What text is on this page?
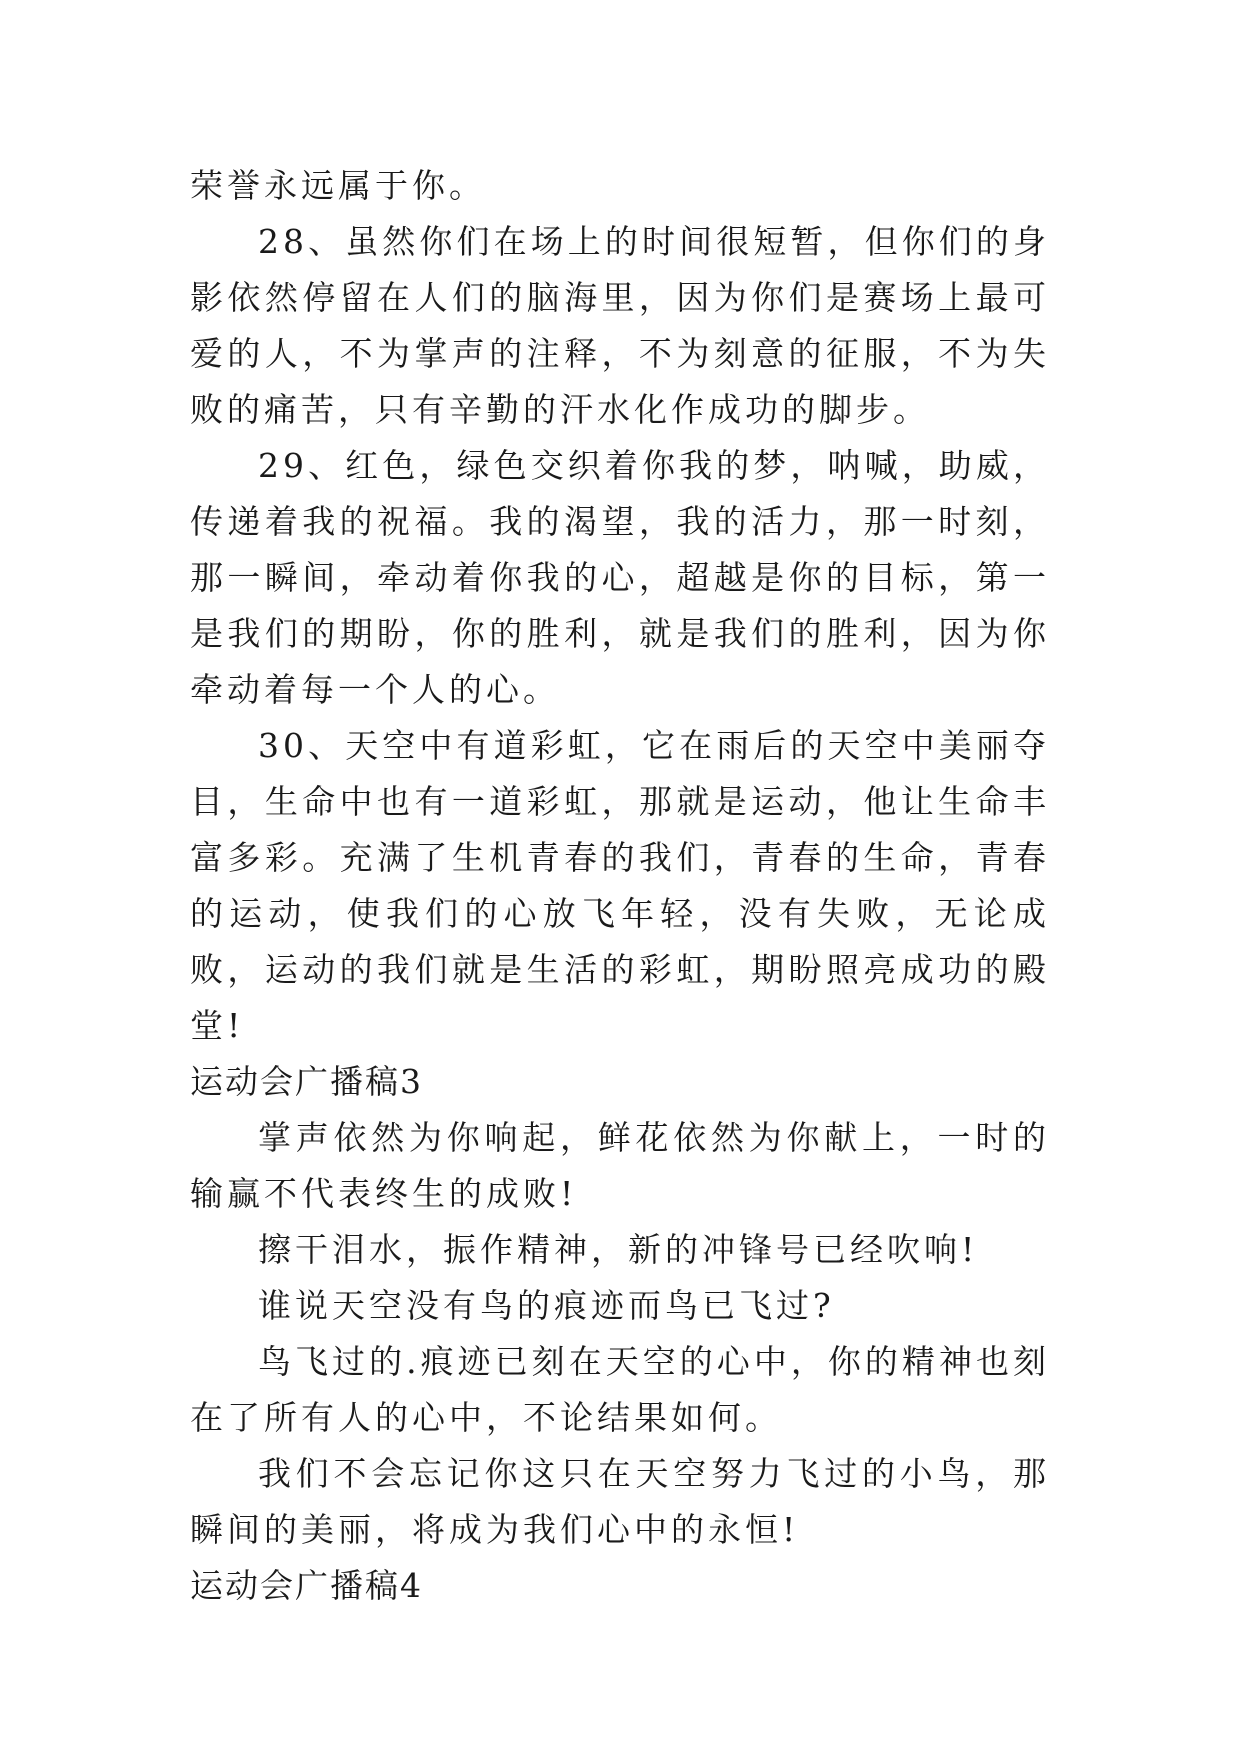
荣誉永远属于你。

28、虽然你们在场上的时间很短暂，但你们的身影依然停留在人们的脑海里，因为你们是赛场上最可爱的人，不为掌声的注释，不为刻意的征服，不为失败的痛苦，只有辛勤的汗水化作成功的脚步。

29、红色，绿色交织着你我的梦，呐喊，助威，传递着我的祝福。我的渴望，我的活力，那一时刻，那一瞬间，牵动着你我的心，超越是你的目标，第一是我们的期盼，你的胜利，就是我们的胜利，因为你牵动着每一个人的心。

30、天空中有道彩虹，它在雨后的天空中美丽夺目，生命中也有一道彩虹，那就是运动，他让生命丰富多彩。充满了生机青春的我们，青春的生命，青春的运动，使我们的心放飞年轻，没有失败，无论成败，运动的我们就是生活的彩虹，期盼照亮成功的殿堂!

运动会广播稿3

掌声依然为你响起，鲜花依然为你献上，一时的输赢不代表终生的成败!

擦干泪水，振作精神，新的冲锋号已经吹响!

谁说天空没有鸟的痕迹而鸟已飞过?

鸟飞过的.痕迹已刻在天空的心中，你的精神也刻在了所有人的心中，不论结果如何。

我们不会忘记你这只在天空努力飞过的小鸟，那瞬间的美丽，将成为我们心中的永恒!

运动会广播稿4
